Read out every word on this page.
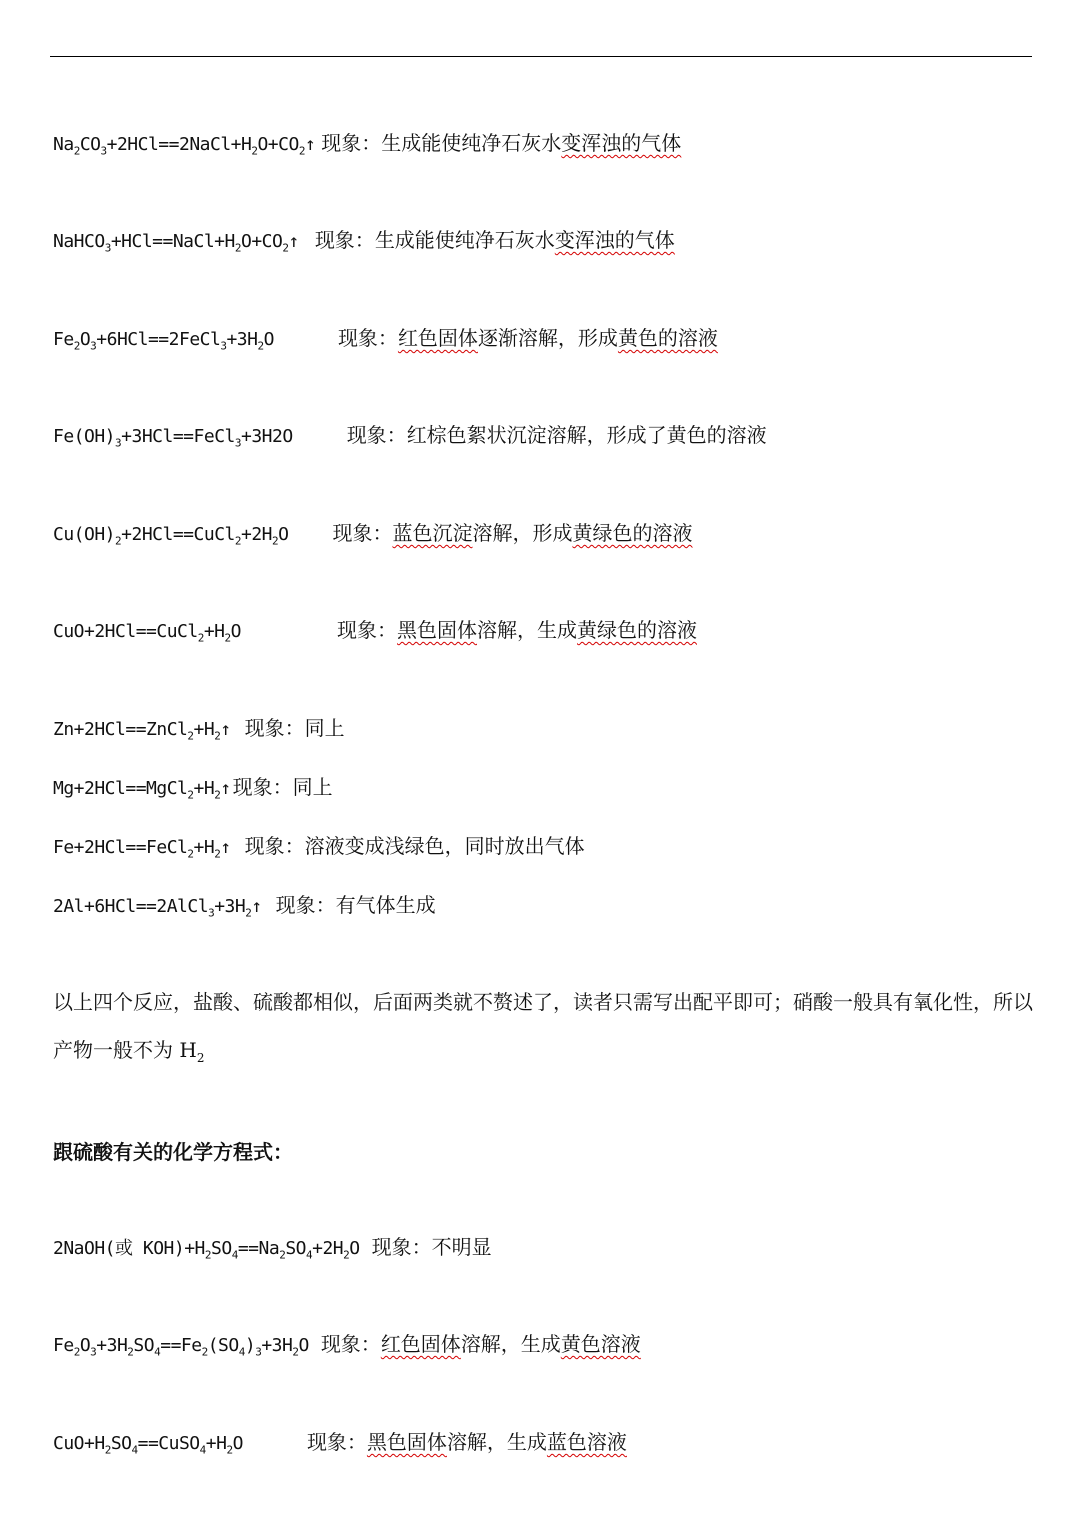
$Na_2CO_3+2HCl==2NaCl+H_2O+CO_2↑$ 现象：生成能使纯净石灰水变浑浊的气体
$NaHCO_3+HCl==NaCl+H_2O+CO_2↑$ 现象：生成能使纯净石灰水变浑浊的气体
$Fe_2O_3+6HCl==2FeCl_3+3H_2O$	现象：红色固体逐渐溶解，形成黄色的溶液
$Fe(OH)_3+3HCl==FeCl_3+3H2O$	现象：红棕色絮状沉淀溶解，形成了黄色的溶液
$Cu(OH)_2+2HCl==CuCl_2+2H_2O$ 现象：蓝色沉淀溶解，形成黄绿色的溶液
$CuO+2HCl==CuCl_2+H_2O$	现象：黑色固体溶解，生成黄绿色的溶液
$Zn+2HCl==ZnCl_2+H_2↑$ 现象：同上
$Mg+2HCl==MgCl_2+H_2↑$ 现象：同上
$Fe+2HCl==FeCl_2+H_2↑$ 现象：溶液变成浅绿色，同时放出气体
$2Al+6HCl==2AlCl_3+3H_2↑$ 现象：有气体生成
以上四个反应，盐酸、硫酸都相似，后面两类就不赘述了，读者只需写出配平即可；硝酸一般具有氧化性，所以产物一般不为 $H_2$
跟硫酸有关的化学方程式：
2NaOH(或 $KOH)+H_2SO_4==Na_2SO_4+2H_2O$ 现象：不明显
$Fe_2O_3+3H_2SO_4==Fe_2(SO_4)_3+3H_2O$ 现象：红色固体溶解，生成黄色溶液
$CuO+H_2SO_4==CuSO_4+H_2O$	现象：黑色固体溶解，生成蓝色溶液
